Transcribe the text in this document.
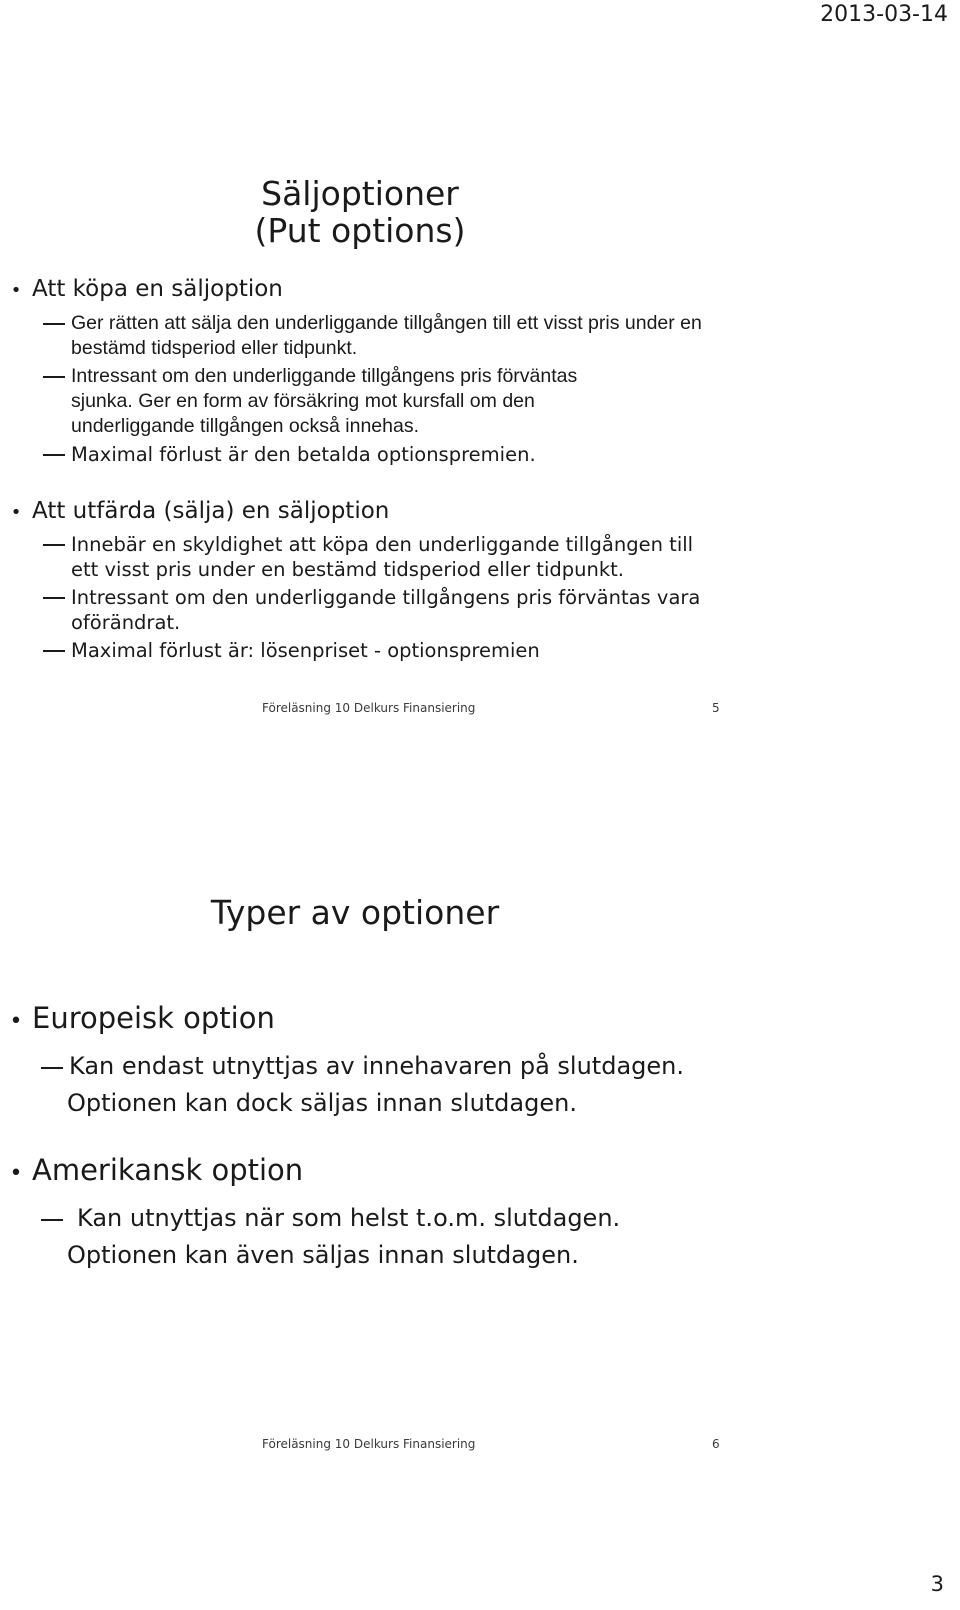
2013-03-14
Säljoptioner
(Put options)
• Att köpa en säljoption
Ger rätten att sälja den underliggande tillgången till ett visst pris under en bestämd tidsperiod eller tidpunkt.
Intressant om den underliggande tillgångens pris förväntas sjunka. Ger en form av försäkring mot kursfall om den underliggande tillgången också innehas.
Maximal förlust är den betalda optionspremien.
• Att utfärda (sälja) en säljoption
Innebär en skyldighet att köpa den underliggande tillgången till ett visst pris under en bestämd tidsperiod eller tidpunkt.
Intressant om den underliggande tillgångens pris förväntas vara oförändrat.
Maximal förlust är: lösenpriset - optionspremien
Föreläsning 10 Delkurs Finansiering	5
Typer av optioner
• Europeisk option
Kan endast utnyttjas av innehavaren på slutdagen.
Optionen kan dock säljas innan slutdagen.
• Amerikansk option
Kan utnyttjas när som helst t.o.m. slutdagen.
Optionen kan även säljas innan slutdagen.
Föreläsning 10 Delkurs Finansiering	6
3
